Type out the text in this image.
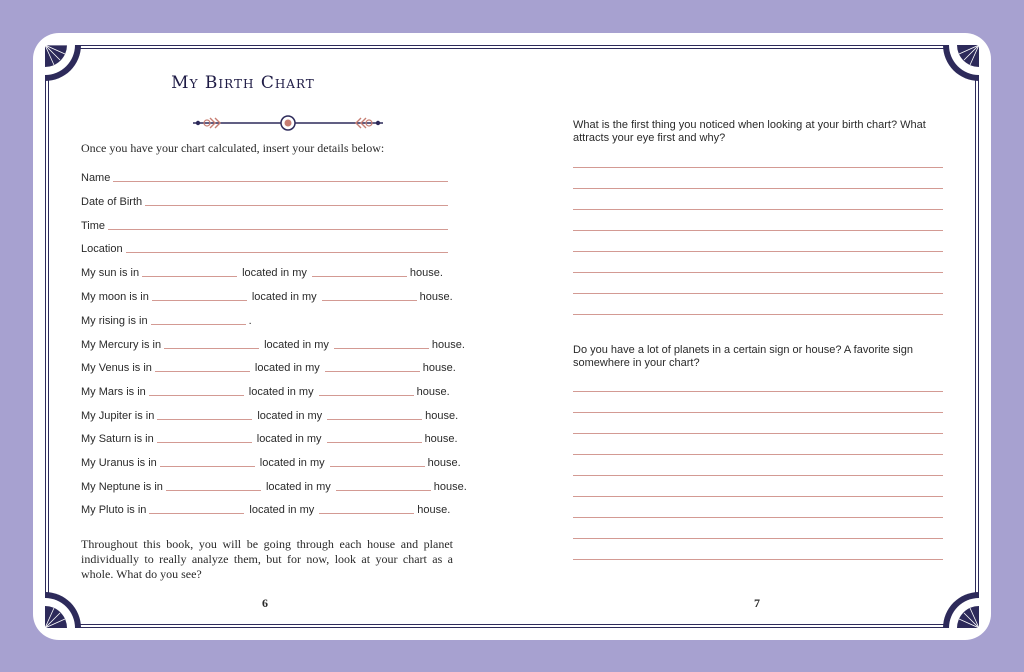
My Birth Chart
Once you have your chart calculated, insert your details below:
Name
Date of Birth
Time
Location
My sun is in	located in my	house.
My moon is in	located in my	house.
My rising is in	.
My Mercury is in	located in my	house.
My Venus is in	located in my	house.
My Mars is in	located in my	house.
My Jupiter is in	located in my	house.
My Saturn is in	located in my	house.
My Uranus is in	located in my	house.
My Neptune is in	located in my	house.
My Pluto is in	located in my	house.
Throughout this book, you will be going through each house and planet individually to really analyze them, but for now, look at your chart as a whole. What do you see?
6
What is the first thing you noticed when looking at your birth chart? What attracts your eye first and why?
Do you have a lot of planets in a certain sign or house? A favorite sign somewhere in your chart?
7
